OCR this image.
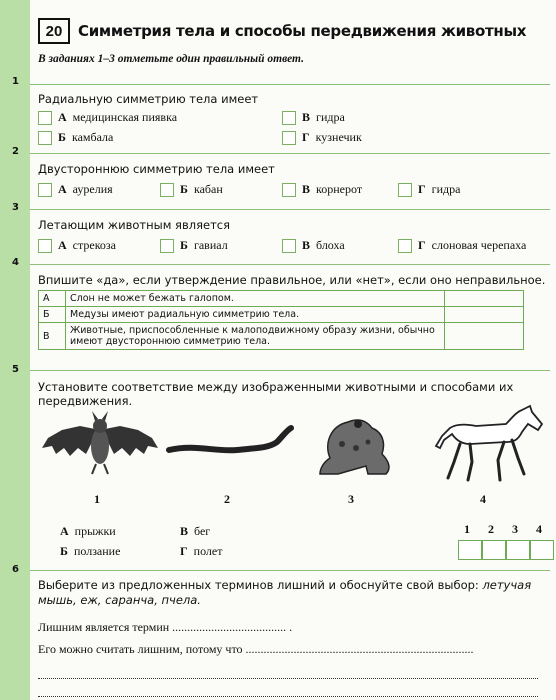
20	Симметрия тела и способы передвижения животных
В заданиях 1–3 отметьте один правильный ответ.
Радиальную симметрию тела имеет
А медицинская пиявка	В гидра
Б камбала	Г кузнечик
Двустороннюю симметрию тела имеет
А аурелия	Б кабан	В корнерот	Г гидра
Летающим животным является
А стрекоза	Б гавиал	В блоха	Г слоновая черепаха
Впишите «да», если утверждение правильное, или «нет», если оно неправильное.
А	Слон не может бежать галопом.	
Б	Медузы имеют радиальную симметрию тела.	
В	Животные, приспособленные к малоподвижному образу жизни, обычно имеют двустороннюю симметрию тела.	
Установите соответствие между изображенными животными и способами их передвижения.
1	2	3	4
А прыжки	В бег
Б ползание	Г полет
1 2 3 4
Выберите из предложенных терминов лишний и обоснуйте свой выбор: летучая мышь, еж, саранча, пчела.
Лишним является термин ...................................... .
Его можно считать лишним, потому что ............................................................................
1
2
3
4
5
6
